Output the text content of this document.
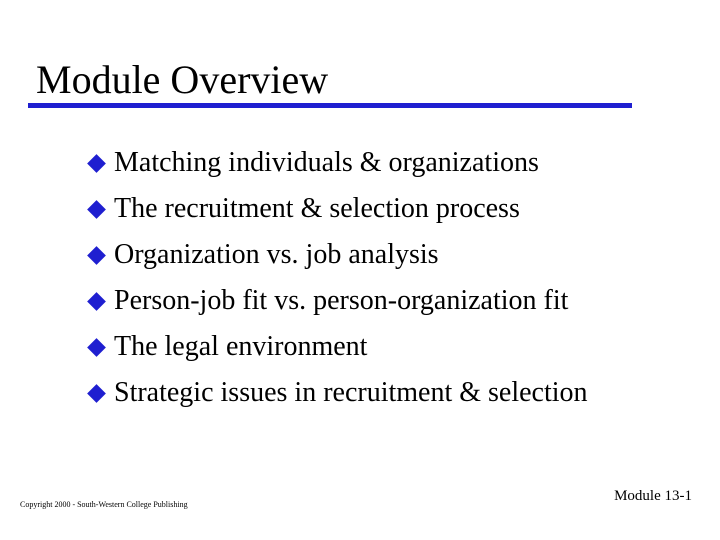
Module Overview
Matching individuals & organizations
The recruitment & selection process
Organization vs. job analysis
Person-job fit vs. person-organization fit
The legal environment
Strategic issues in recruitment & selection
Copyright 2000 - South-Western College Publishing
Module 13-1
